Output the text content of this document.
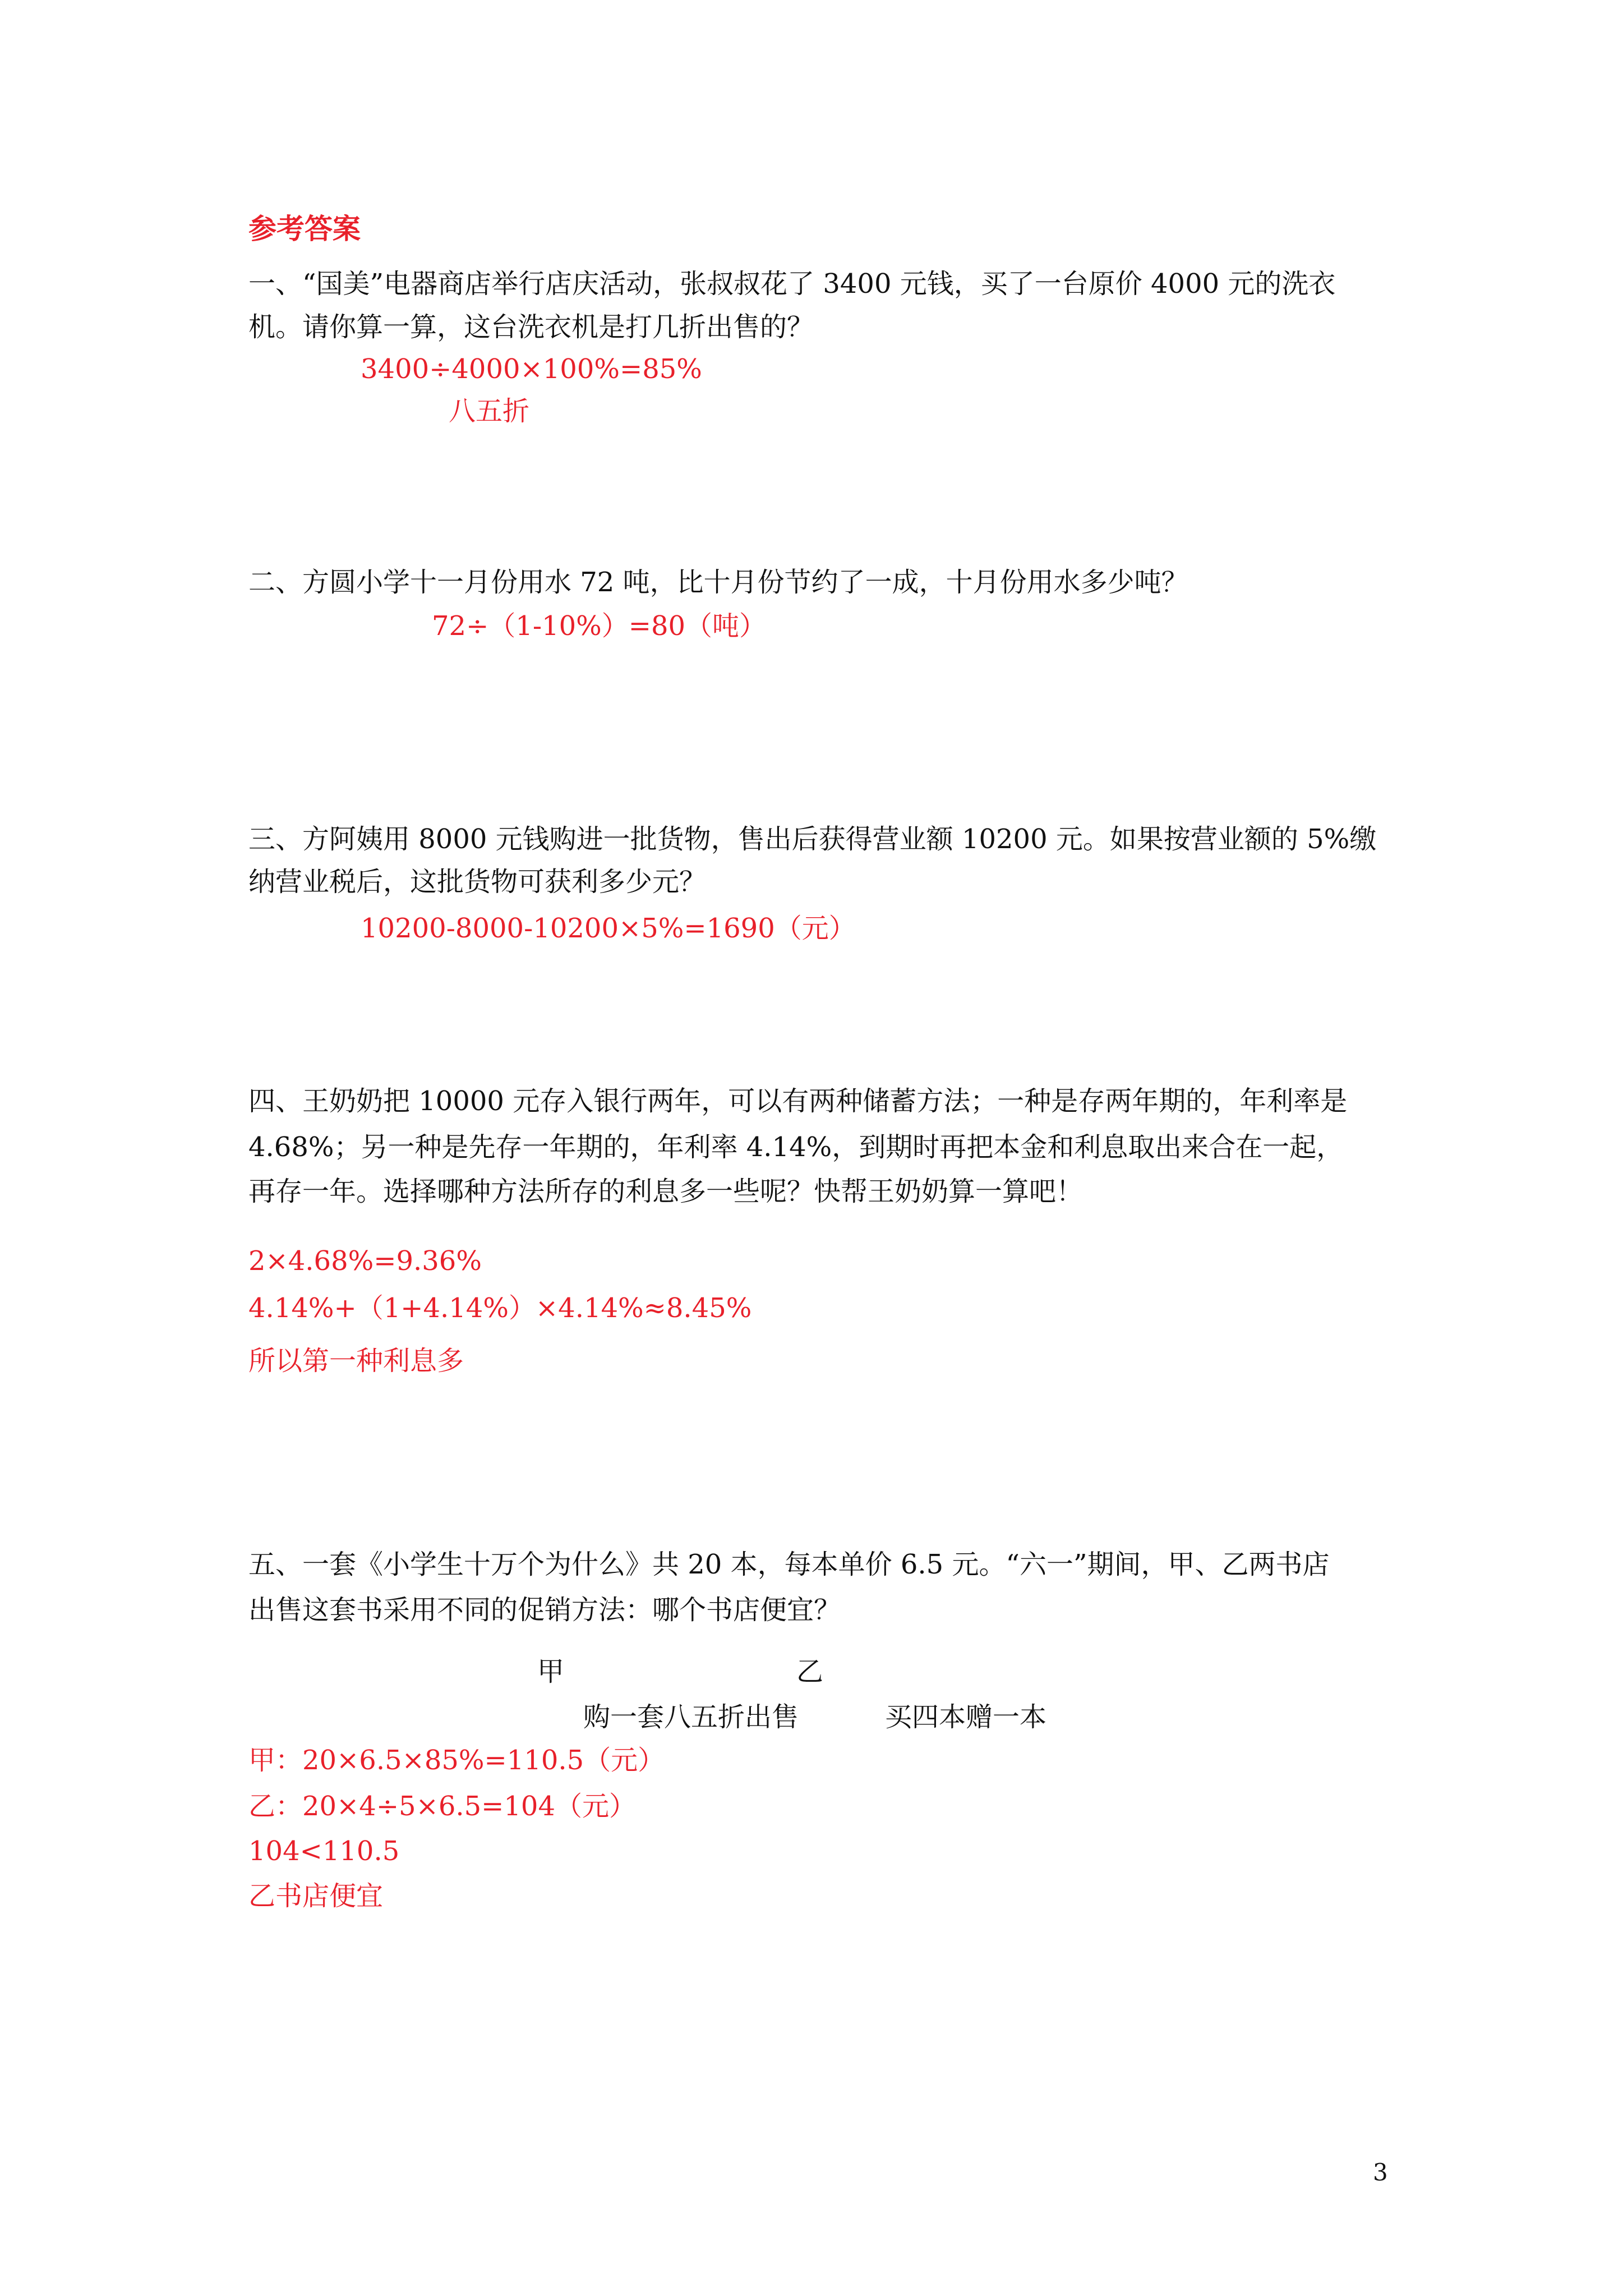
参考答案
一、“国美”电器商店举行店庆活动，张叔叔花了 3400 元钱，买了一台原价 4000 元的洗衣
机。请你算一算，这台洗衣机是打几折出售的？
3400÷4000×100%=85%
八五折
二、方圆小学十一月份用水 72 吨，比十月份节约了一成，十月份用水多少吨？
72÷（1-10%）=80（吨）
三、方阿姨用 8000 元钱购进一批货物，售出后获得营业额 10200 元。如果按营业额的 5%缴
纳营业税后，这批货物可获利多少元？
10200-8000-10200×5%=1690（元）
四、王奶奶把 10000 元存入银行两年，可以有两种储蓄方法；一种是存两年期的，年利率是
4.68%；另一种是先存一年期的，年利率 4.14%，到期时再把本金和利息取出来合在一起，
再存一年。选择哪种方法所存的利息多一些呢？快帮王奶奶算一算吧！
2×4.68%=9.36%
4.14%+（1+4.14%）×4.14%≈8.45%
所以第一种利息多
五、一套《小学生十万个为什么》共 20 本，每本单价 6.5 元。“六一”期间，甲、乙两书店
出售这套书采用不同的促销方法：哪个书店便宜？
甲	乙
购一套八五折出售	买四本赠一本
甲：20×6.5×85%=110.5（元）
乙：20×4÷5×6.5=104（元）
104<110.5
乙书店便宜
3
